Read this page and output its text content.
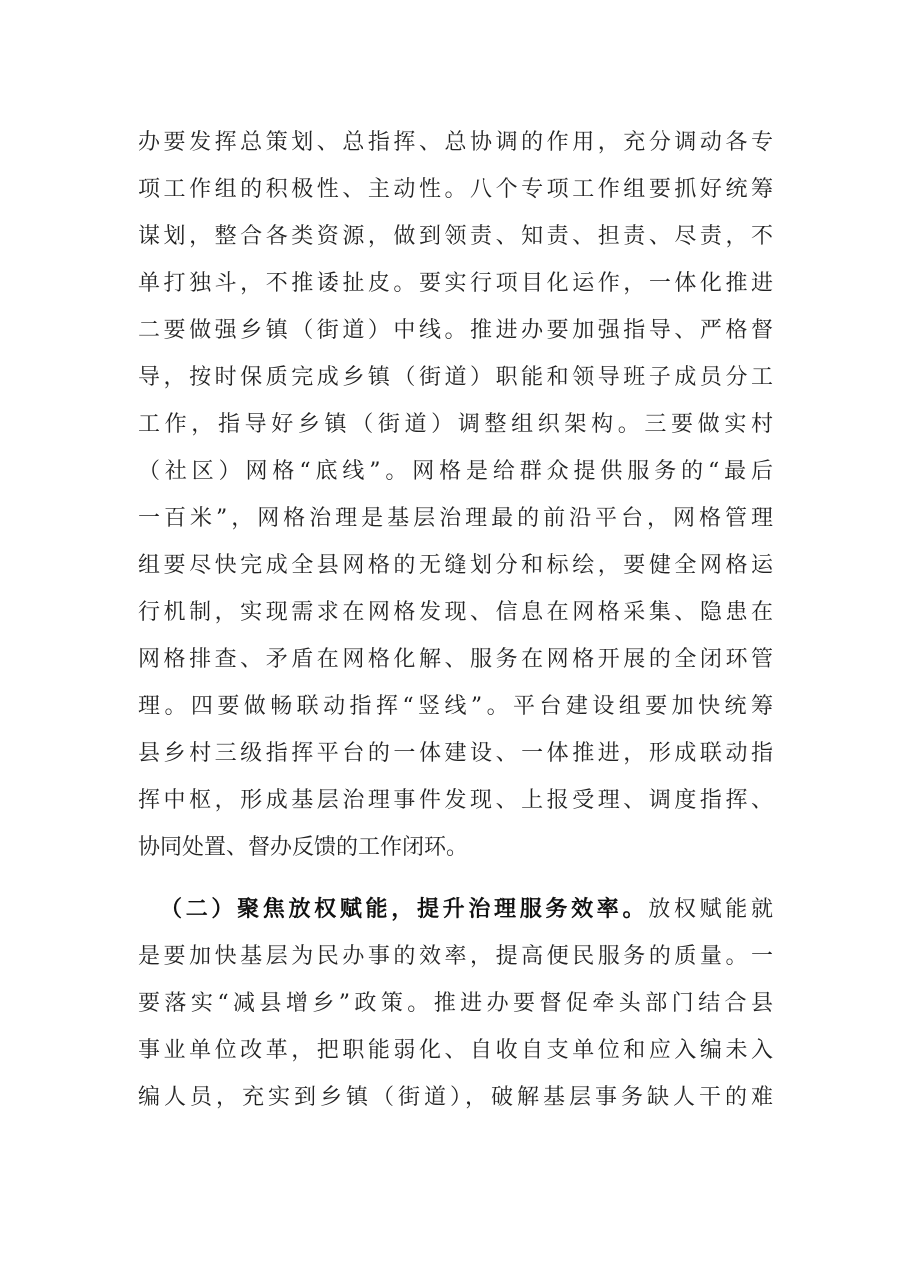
办要发挥总策划、总指挥、总协调的作用，充分调动各专
项工作组的积极性、主动性。八个专项工作组要抓好统筹
谋划，整合各类资源，做到领责、知责、担责、尽责，不
单打独斗，不推诿扯皮。要实行项目化运作，一体化推进
二要做强乡镇（街道）中线。推进办要加强指导、严格督
导，按时保质完成乡镇（街道）职能和领导班子成员分工
工作，指导好乡镇（街道）调整组织架构。三要做实村
（社区）网格“底线”。网格是给群众提供服务的“最后
一百米”，网格治理是基层治理最的前沿平台，网格管理
组要尽快完成全县网格的无缝划分和标绘，要健全网格运
行机制，实现需求在网格发现、信息在网格采集、隐患在
网格排查、矛盾在网格化解、服务在网格开展的全闭环管
理。四要做畅联动指挥“竖线”。平台建设组要加快统筹
县乡村三级指挥平台的一体建设、一体推进，形成联动指
挥中枢，形成基层治理事件发现、上报受理、调度指挥、
协同处置、督办反馈的工作闭环。
（二）聚焦放权赋能，提升治理服务效率。放权赋能就
是要加快基层为民办事的效率，提高便民服务的质量。一
要落实“减县增乡”政策。推进办要督促牵头部门结合县
事业单位改革，把职能弱化、自收自支单位和应入编未入
编人员，充实到乡镇（街道），破解基层事务缺人干的难
